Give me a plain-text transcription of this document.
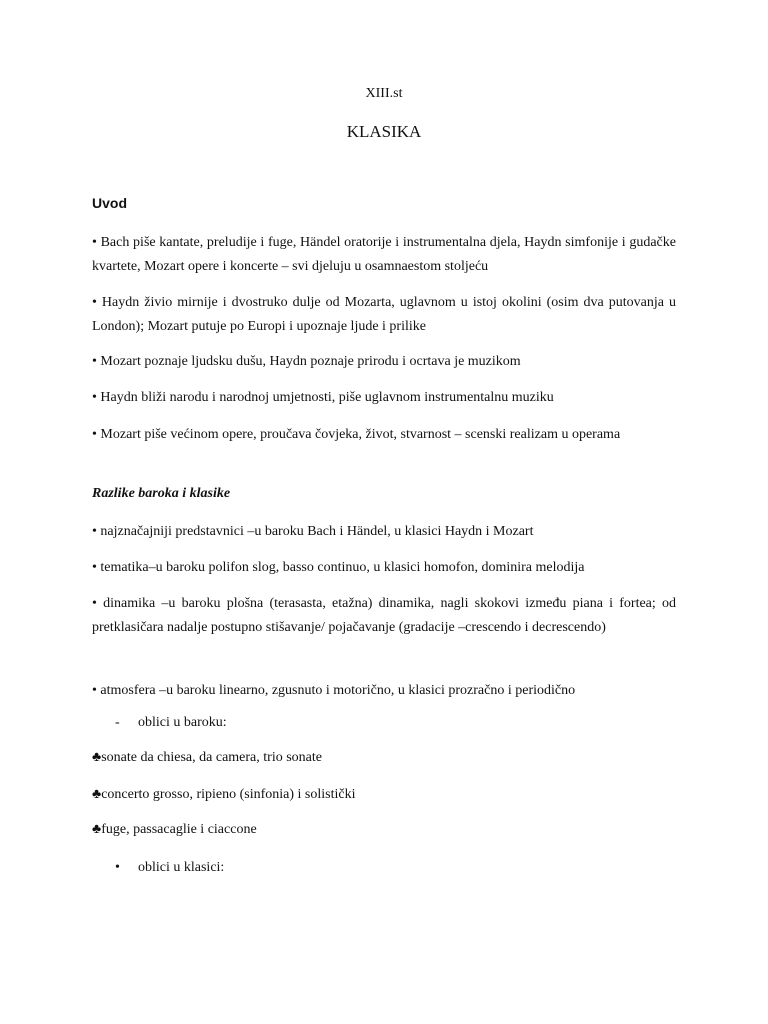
XIII.st
KLASIKA
Uvod
• Bach piše kantate, preludije i fuge, Händel oratorije i instrumentalna djela, Haydn simfonije i gudačke kvartete, Mozart opere i koncerte – svi djeluju u osamnaestom stoljeću
• Haydn živio mirnije i dvostruko dulje od Mozarta, uglavnom u istoj okolini (osim dva putovanja u London); Mozart putuje po Europi i upoznaje ljude i prilike
• Mozart poznaje ljudsku dušu, Haydn poznaje prirodu i ocrtava je muzikom
• Haydn bliži narodu i narodnoj umjetnosti, piše uglavnom instrumentalnu muziku
• Mozart piše većinom opere, proučava čovjeka, život, stvarnost – scenski realizam u operama
Razlike baroka i klasike
• najznačajniji predstavnici –u baroku Bach i Händel, u klasici Haydn i Mozart
• tematika–u baroku polifon slog, basso continuo, u klasici homofon, dominira melodija
• dinamika –u baroku plošna (terasasta, etažna) dinamika, nagli skokovi između piana i fortea; od pretklasičara nadalje postupno stišavanje/ pojačavanje (gradacije –crescendo i decrescendo)
• atmosfera –u baroku linearno, zgusnuto i motorično, u klasici prozračno i periodično
- oblici u baroku:
♣sonate da chiesa, da camera, trio sonate
♣concerto grosso, ripieno (sinfonia) i solistički
♣fuge, passacaglie i ciaccone
• oblici u klasici:
